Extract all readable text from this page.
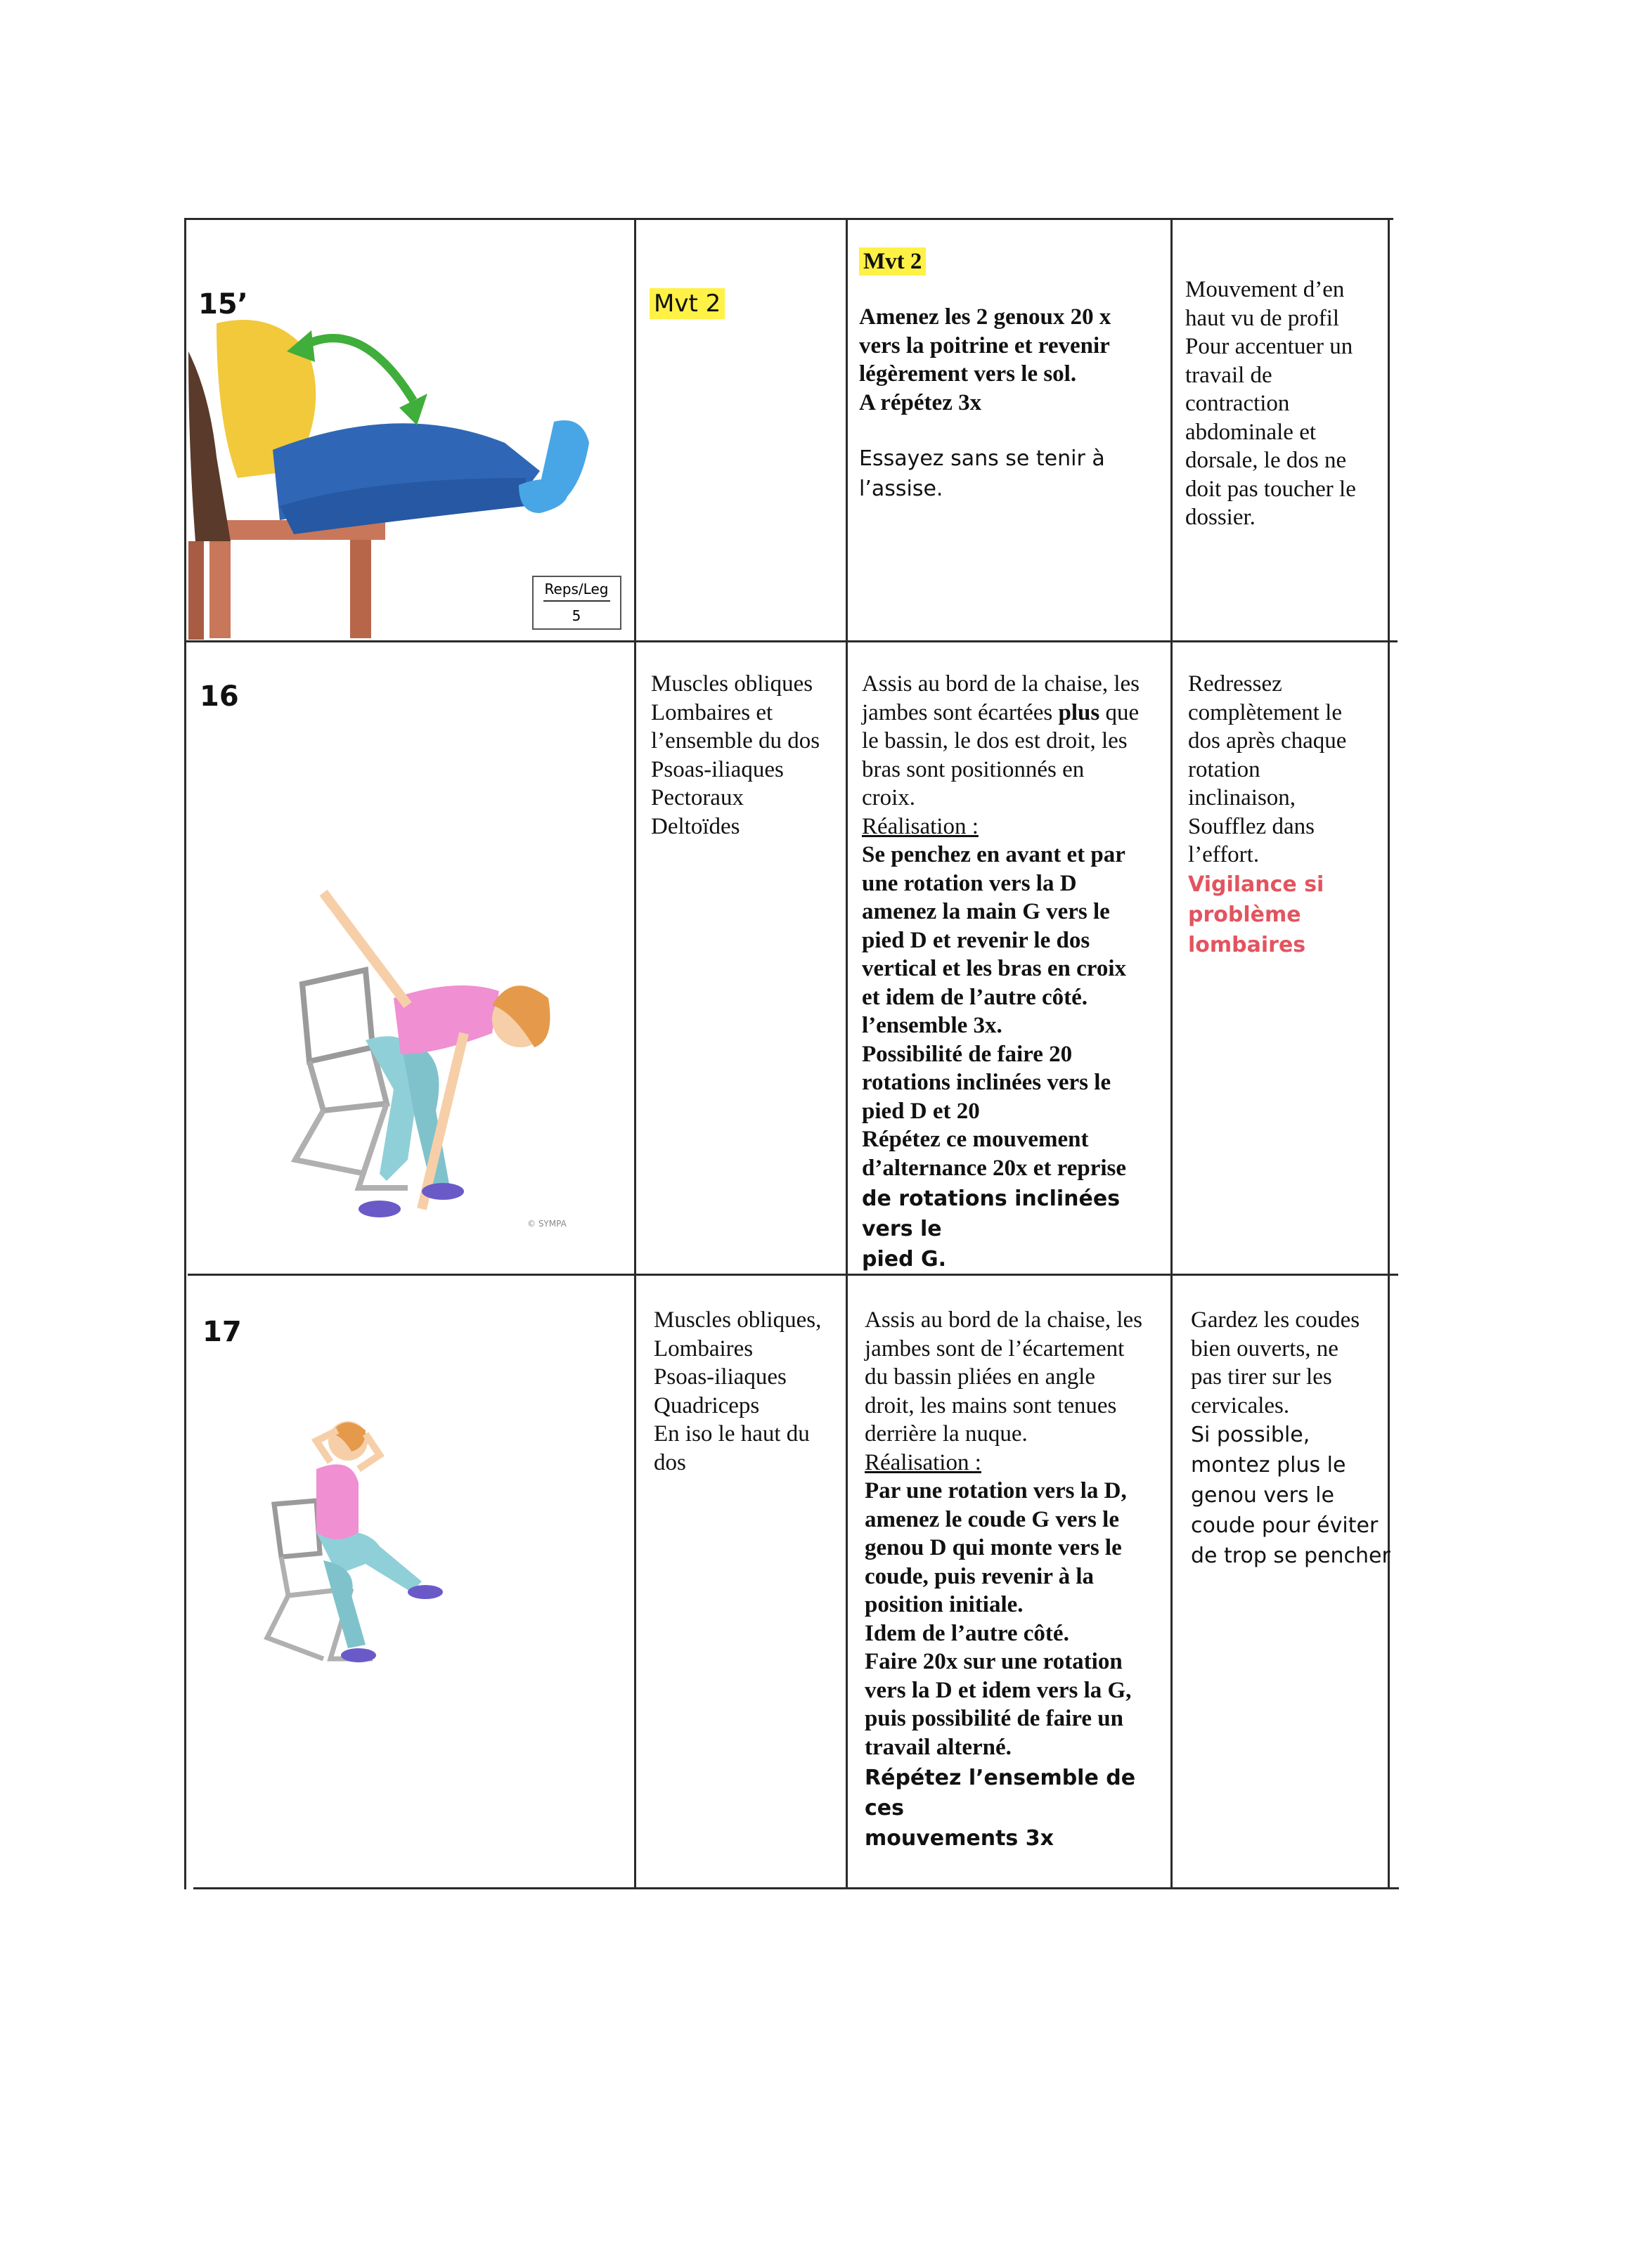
15’
Reps/Leg
5
Mvt 2
Mvt 2
Amenez les 2 genoux 20 x
vers la poitrine et revenir
légèrement vers le sol.
A répétez 3x
Essayez sans se tenir à
l’assise.
Mouvement d’en
haut vu de profil
Pour accentuer un
travail de
contraction
abdominale et
dorsale, le dos ne
doit pas toucher le
dossier.
16
© SYMPA
Muscles obliques
Lombaires et
l’ensemble du dos
Psoas-iliaques
Pectoraux
Deltoïdes
Assis au bord de la chaise, les
jambes sont écartées plus que
le bassin, le dos est droit, les
bras sont positionnés en
croix.
Réalisation :
Se penchez en avant et par
une rotation vers la D
amenez la main G vers le
pied D et revenir le dos
vertical et les bras en croix
et idem de l’autre côté.
l’ensemble 3x.
Possibilité de faire 20
rotations inclinées vers le
pied D et 20
Répétez ce mouvement
d’alternance 20x et reprise
de rotations inclinées vers le
pied G.
Redressez
complètement le
dos après chaque
rotation
inclinaison,
Soufflez dans
l’effort.
Vigilance si
problème
lombaires
17	Muscles obliques,
Lombaires
Psoas-iliaques
Quadriceps
En iso le haut du
dos
Assis au bord de la chaise, les
jambes sont de l’écartement
du bassin pliées en angle
droit, les mains sont tenues
derrière la nuque.
Réalisation :
Par une rotation vers la D,
amenez le coude G vers le
genou D qui monte vers le
coude, puis revenir à la
position initiale.
Idem de l’autre côté.
Faire 20x sur une rotation
vers la D et idem vers la G,
puis possibilité de faire un
travail alterné.
Répétez l’ensemble de ces
mouvements 3x
Gardez les coudes
bien ouverts, ne
pas tirer sur les
cervicales.
Si possible,
montez plus le
genou vers le
coude pour éviter
de trop se pencher
